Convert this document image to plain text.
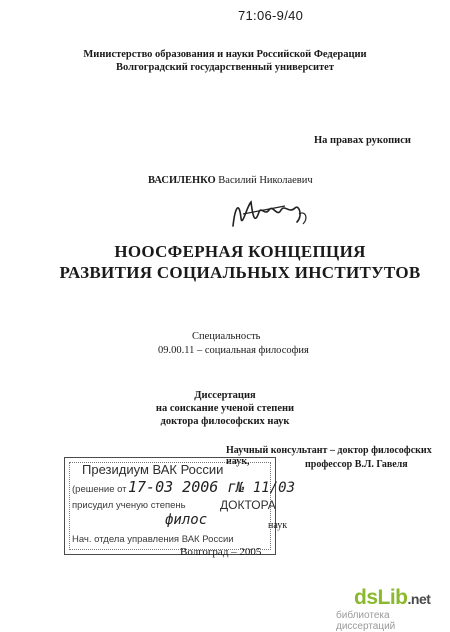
71:06-9/40
Министерство образования и науки Российской Федерации
Волгоградский государственный университет
На правах рукописи
ВАСИЛЕНКО Василий Николаевич
НООСФЕРНАЯ КОНЦЕПЦИЯ
РАЗВИТИЯ СОЦИАЛЬНЫХ ИНСТИТУТОВ
Специальность
09.00.11 – социальная философия
Диссертация
на соискание ученой степени
доктора философских наук
Научный консультант – доктор философских наук,	профессор В.Л. Гавеля
Президиум ВАК России
(решение от 17-03 2006 г.
№ 11/03
присудил ученую степень	ДОКТОРА
филос	наук
Нач. отдела управления ВАК России
Волгоград – 2005
dsLib.net
библиотека диссертаций
